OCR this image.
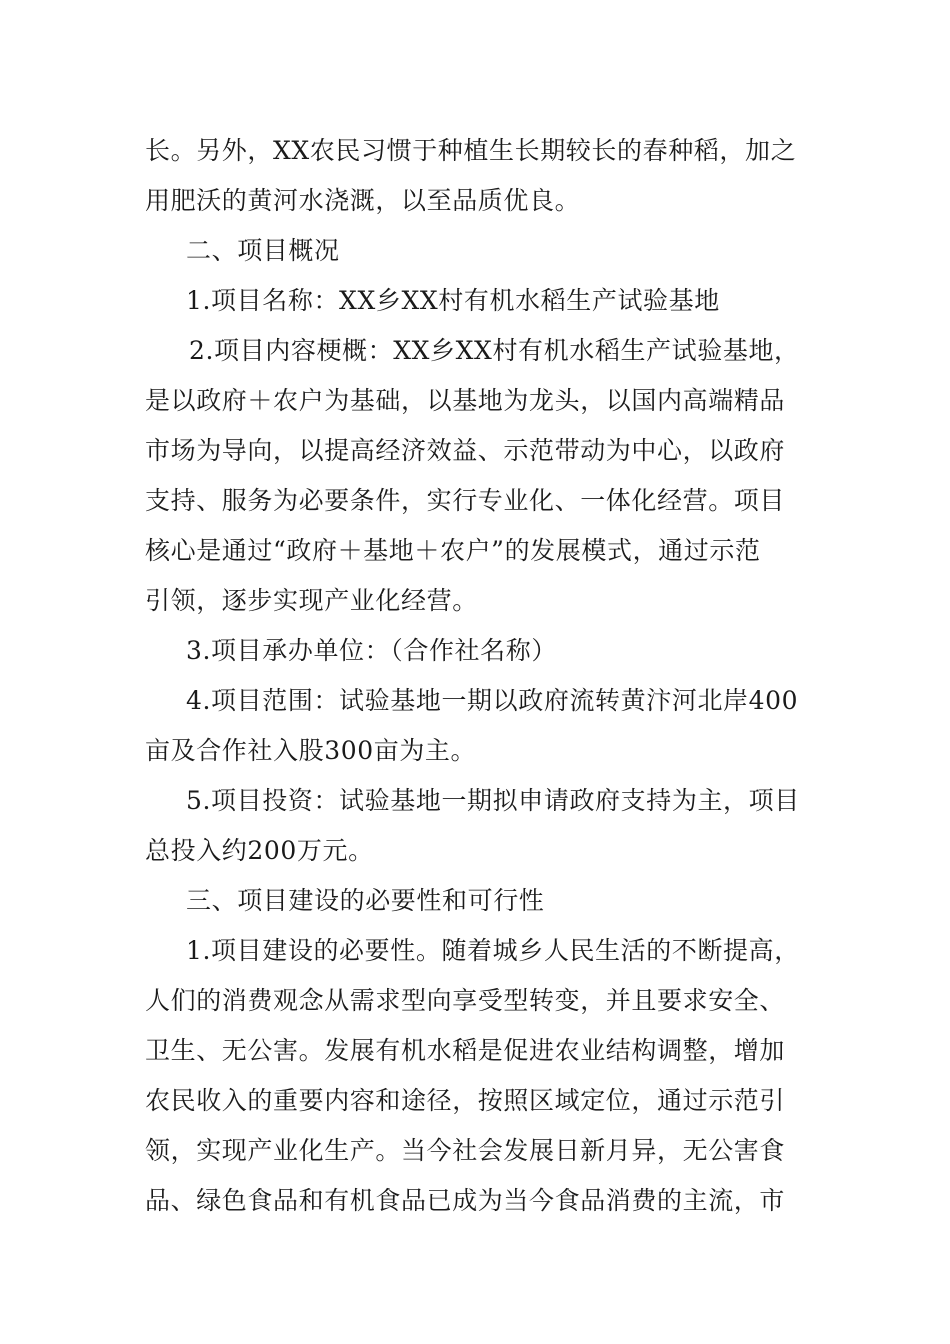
长。另外，XX农民习惯于种植生长期较长的春种稻，加之
用肥沃的黄河水浇溉，以至品质优良。
二、项目概况
1.项目名称：XX乡XX村有机水稻生产试验基地
2.项目内容梗概：XX乡XX村有机水稻生产试验基地，
是以政府＋农户为基础，以基地为龙头，以国内高端精品
市场为导向，以提高经济效益、示范带动为中心，以政府
支持、服务为必要条件，实行专业化、一体化经营。项目
核心是通过“政府＋基地＋农户”的发展模式，通过示范
引领，逐步实现产业化经营。
3.项目承办单位：（合作社名称）
4.项目范围：试验基地一期以政府流转黄汴河北岸400
亩及合作社入股300亩为主。
5.项目投资：试验基地一期拟申请政府支持为主，项目
总投入约200万元。
三、项目建设的必要性和可行性
1.项目建设的必要性。随着城乡人民生活的不断提高，
人们的消费观念从需求型向享受型转变，并且要求安全、
卫生、无公害。发展有机水稻是促进农业结构调整，增加
农民收入的重要内容和途径，按照区域定位，通过示范引
领，实现产业化生产。当今社会发展日新月异，无公害食
品、绿色食品和有机食品已成为当今食品消费的主流，市
